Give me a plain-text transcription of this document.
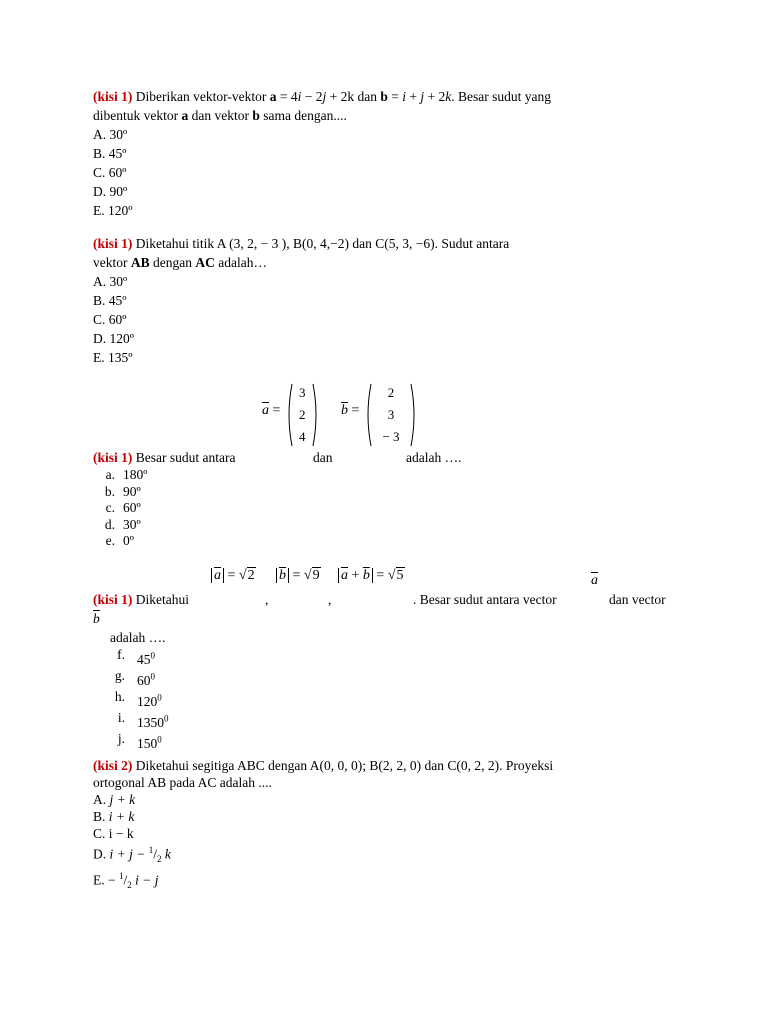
(kisi 1) Diberikan vektor-vektor a = 4i − 2j + 2k dan b = i + j + 2k. Besar sudut yang
dibentuk vektor a dan vektor b sama dengan....
A. 30º
B. 45º
C. 60º
D. 90º
E. 120º
(kisi 1) Diketahui titik A (3, 2, − 3 ), B(0, 4,−2) dan C(5, 3, −6). Sudut antara
vektor AB dengan AC adalah…
A. 30º
B. 45º
C. 60º
D. 120º
E. 135º
$\overline{a}$ =
3
2
4
$\overline{b}$ =
2
3
− 3
(kisi 1) Besar sudut antara	dan	adalah ….
a. 180º
b. 90º
c. 60º
d. 30º
e. 0º
$\overline{a}$ = √ 2 $\overline{b}$ = √ 9 $\overline{a} + \overline{b}$ = √ 5	$\overline{a}$
(kisi 1) Diketahui	,	,	. Besar sudut antara vector	dan vector
$\overline{b}$
adalah ….
f. $45^0$
g. $60^0$
h. $120^0$
i. 1350$^0$
j. $150^0$
(kisi 2) Diketahui segitiga ABC dengan A(0, 0, 0); B(2, 2, 0) dan C(0, 2, 2). Proyeksi
ortogonal AB pada AC adalah ....
A. j + k
B. i + k
C. i − k
D. $i + j - ^1/_2$ k
E. − $^1/_2$ i − j
